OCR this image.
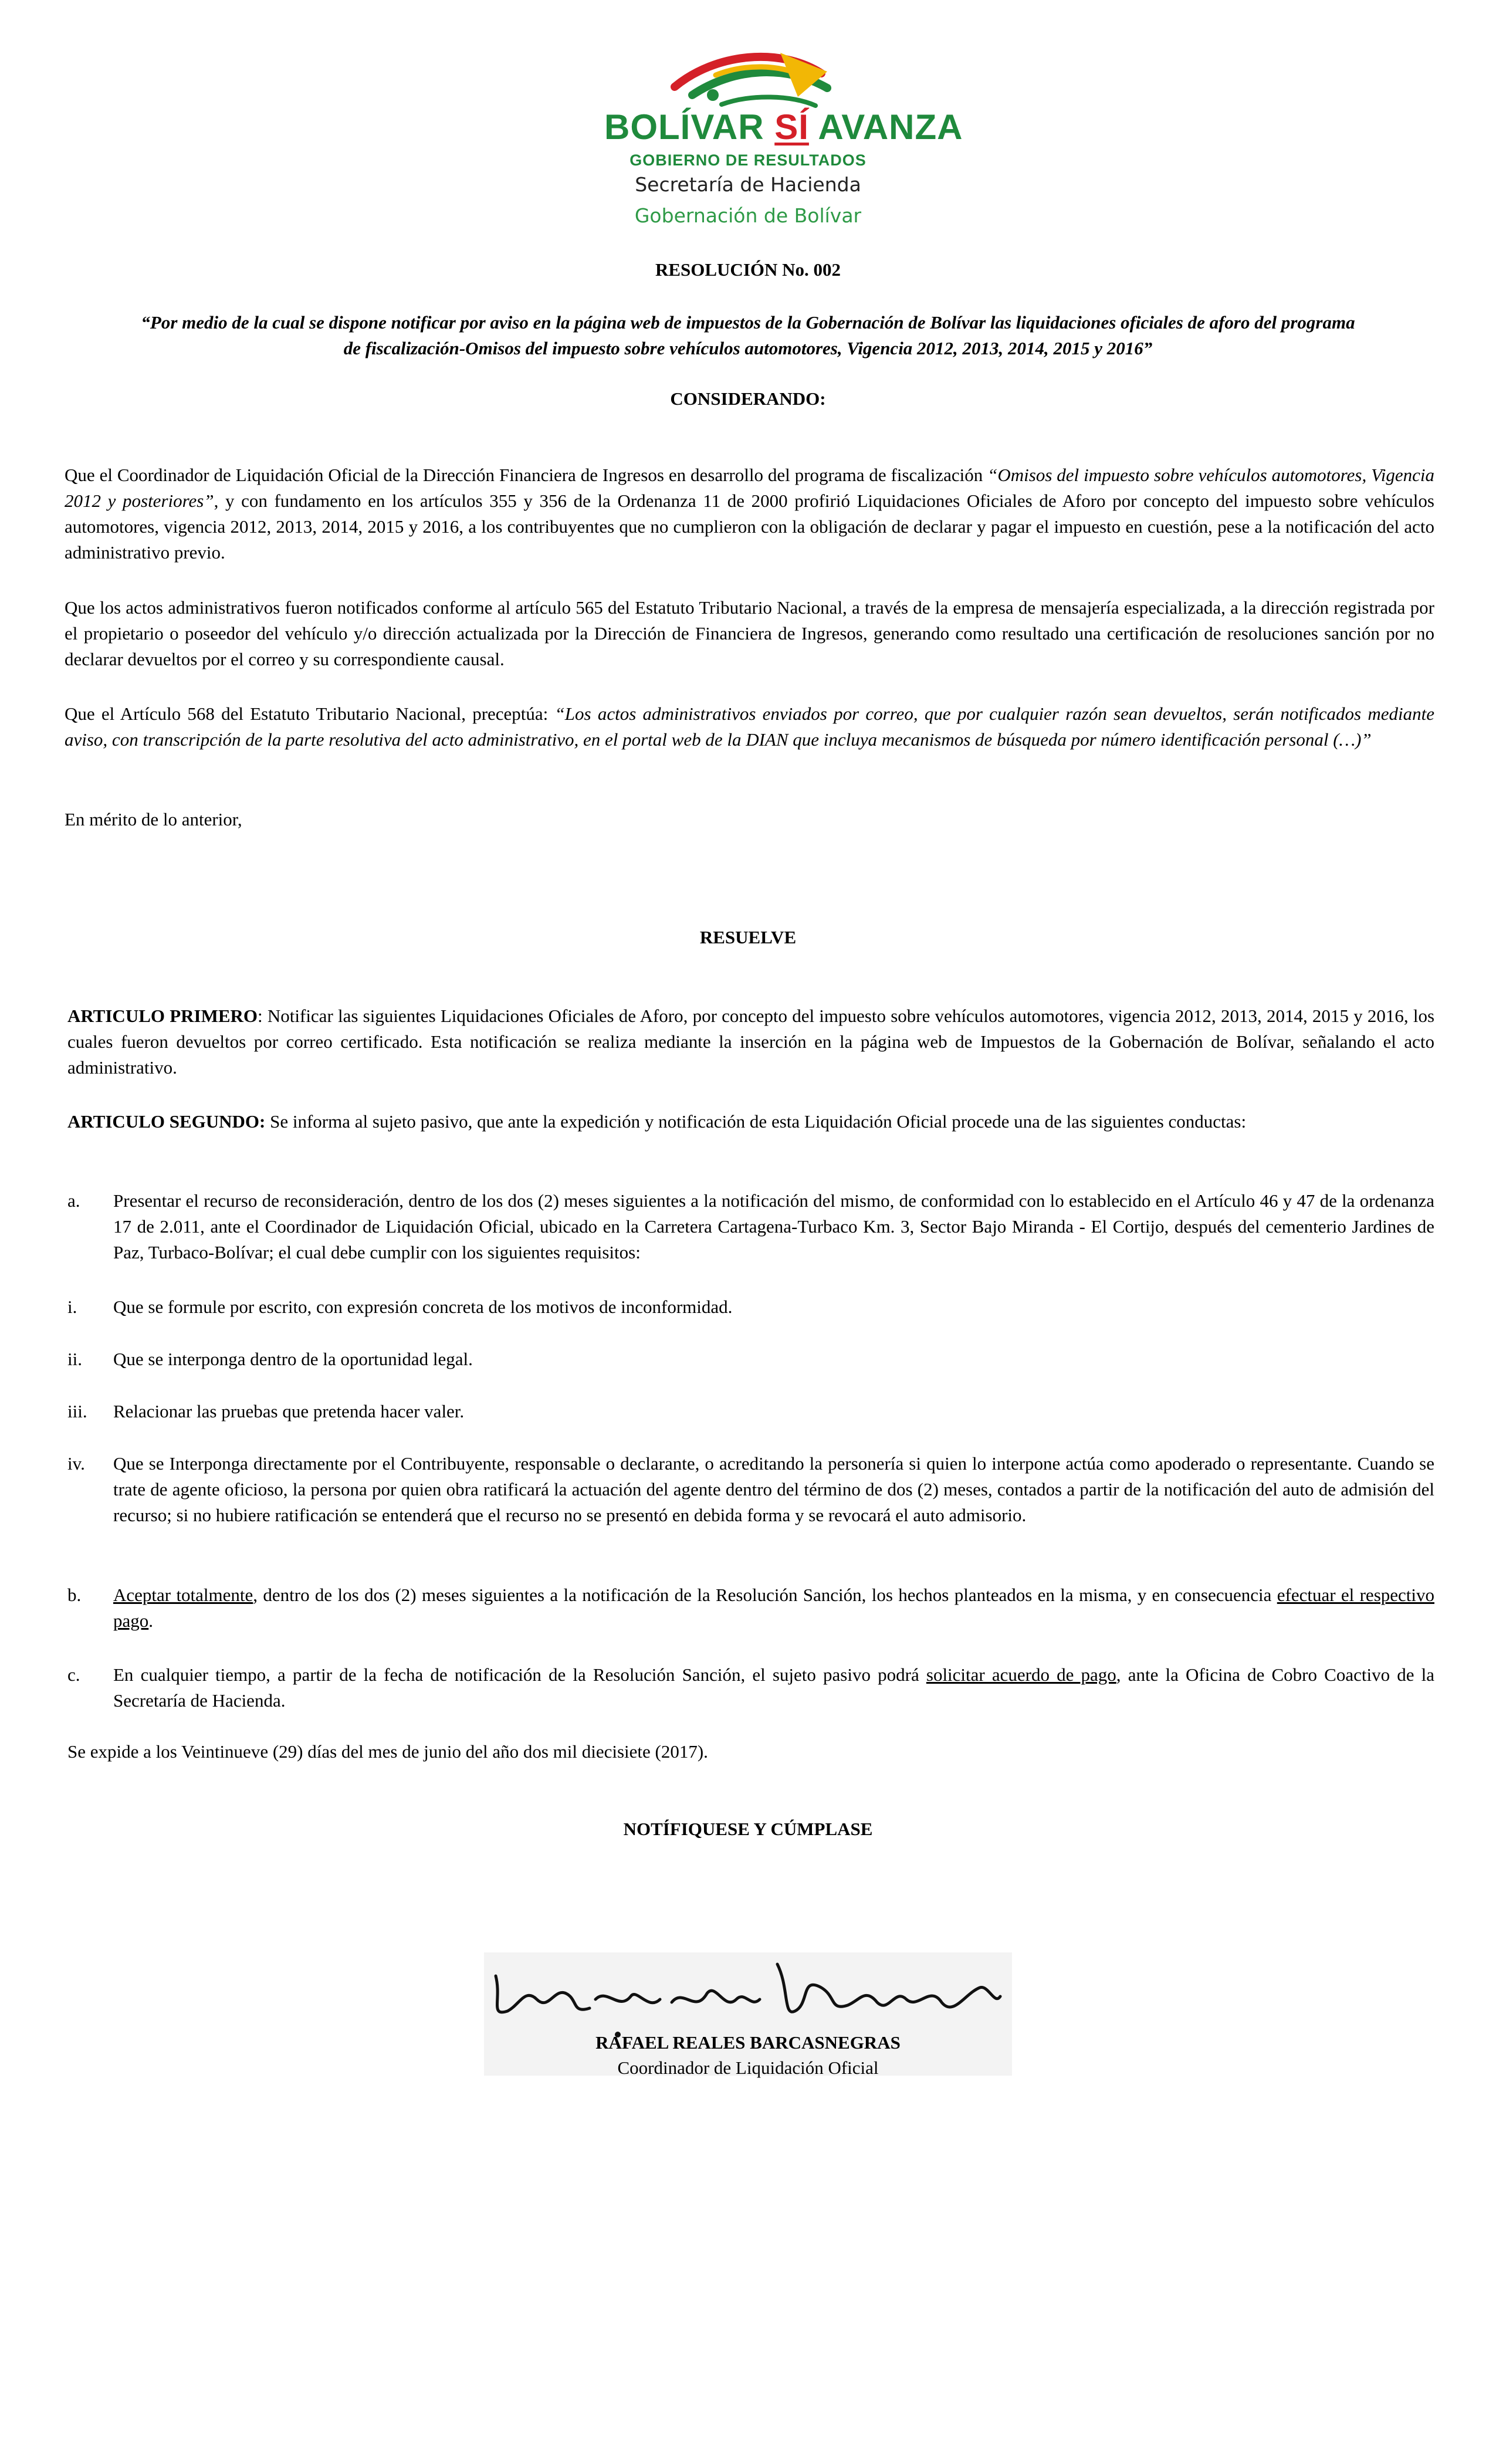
BOLÍVAR SÍ AVANZA
GOBIERNO DE RESULTADOS
Secretaría de Hacienda
Gobernación de Bolívar
RESOLUCIÓN No. 002
“Por medio de la cual se dispone notificar por aviso en la página web de impuestos de la Gobernación de Bolívar las liquidaciones oficiales de aforo del programa de fiscalización-Omisos del impuesto sobre vehículos automotores, Vigencia 2012, 2013, 2014, 2015 y 2016”
CONSIDERANDO:
Que el Coordinador de Liquidación Oficial de la Dirección Financiera de Ingresos en desarrollo del programa de fiscalización “Omisos del impuesto sobre vehículos automotores, Vigencia 2012 y posteriores”, y con fundamento en los artículos 355 y 356 de la Ordenanza 11 de 2000 profirió Liquidaciones Oficiales de Aforo por concepto del impuesto sobre vehículos automotores, vigencia 2012, 2013, 2014, 2015 y 2016, a los contribuyentes que no cumplieron con la obligación de declarar y pagar el impuesto en cuestión, pese a la notificación del acto administrativo previo.
Que los actos administrativos fueron notificados conforme al artículo 565 del Estatuto Tributario Nacional, a través de la empresa de mensajería especializada, a la dirección registrada por el propietario o poseedor del vehículo y/o dirección actualizada por la Dirección de Financiera de Ingresos, generando como resultado una certificación de resoluciones sanción por no declarar devueltos por el correo y su correspondiente causal.
Que el Artículo 568 del Estatuto Tributario Nacional, preceptúa: “Los actos administrativos enviados por correo, que por cualquier razón sean devueltos, serán notificados mediante aviso, con transcripción de la parte resolutiva del acto administrativo, en el portal web de la DIAN que incluya mecanismos de búsqueda por número identificación personal (…)”
En mérito de lo anterior,
RESUELVE
ARTICULO PRIMERO: Notificar las siguientes Liquidaciones Oficiales de Aforo, por concepto del impuesto sobre vehículos automotores, vigencia 2012, 2013, 2014, 2015 y 2016, los cuales fueron devueltos por correo certificado. Esta notificación se realiza mediante la inserción en la página web de Impuestos de la Gobernación de Bolívar, señalando el acto administrativo.
ARTICULO SEGUNDO: Se informa al sujeto pasivo, que ante la expedición y notificación de esta Liquidación Oficial procede una de las siguientes conductas:
a.	Presentar el recurso de reconsideración, dentro de los dos (2) meses siguientes a la notificación del mismo, de conformidad con lo establecido en el Artículo 46 y 47 de la ordenanza 17 de 2.011, ante el Coordinador de Liquidación Oficial, ubicado en la Carretera Cartagena-Turbaco Km. 3, Sector Bajo Miranda - El Cortijo, después del cementerio Jardines de Paz, Turbaco-Bolívar; el cual debe cumplir con los siguientes requisitos:
i.	Que se formule por escrito, con expresión concreta de los motivos de inconformidad.
ii.	Que se interponga dentro de la oportunidad legal.
iii.	Relacionar las pruebas que pretenda hacer valer.
iv.	Que se Interponga directamente por el Contribuyente, responsable o declarante, o acreditando la personería si quien lo interpone actúa como apoderado o representante. Cuando se trate de agente oficioso, la persona por quien obra ratificará la actuación del agente dentro del término de dos (2) meses, contados a partir de la notificación del auto de admisión del recurso; si no hubiere ratificación se entenderá que el recurso no se presentó en debida forma y se revocará el auto admisorio.
b.	Aceptar totalmente, dentro de los dos (2) meses siguientes a la notificación de la Resolución Sanción, los hechos planteados en la misma, y en consecuencia efectuar el respectivo pago.
c.	En cualquier tiempo, a partir de la fecha de notificación de la Resolución Sanción, el sujeto pasivo podrá solicitar acuerdo de pago, ante la Oficina de Cobro Coactivo de la Secretaría de Hacienda.
Se expide a los Veintinueve (29) días del mes de junio del año dos mil diecisiete (2017).
NOTÍFIQUESE Y CÚMPLASE
RAFAEL REALES BARCASNEGRAS
Coordinador de Liquidación Oficial
